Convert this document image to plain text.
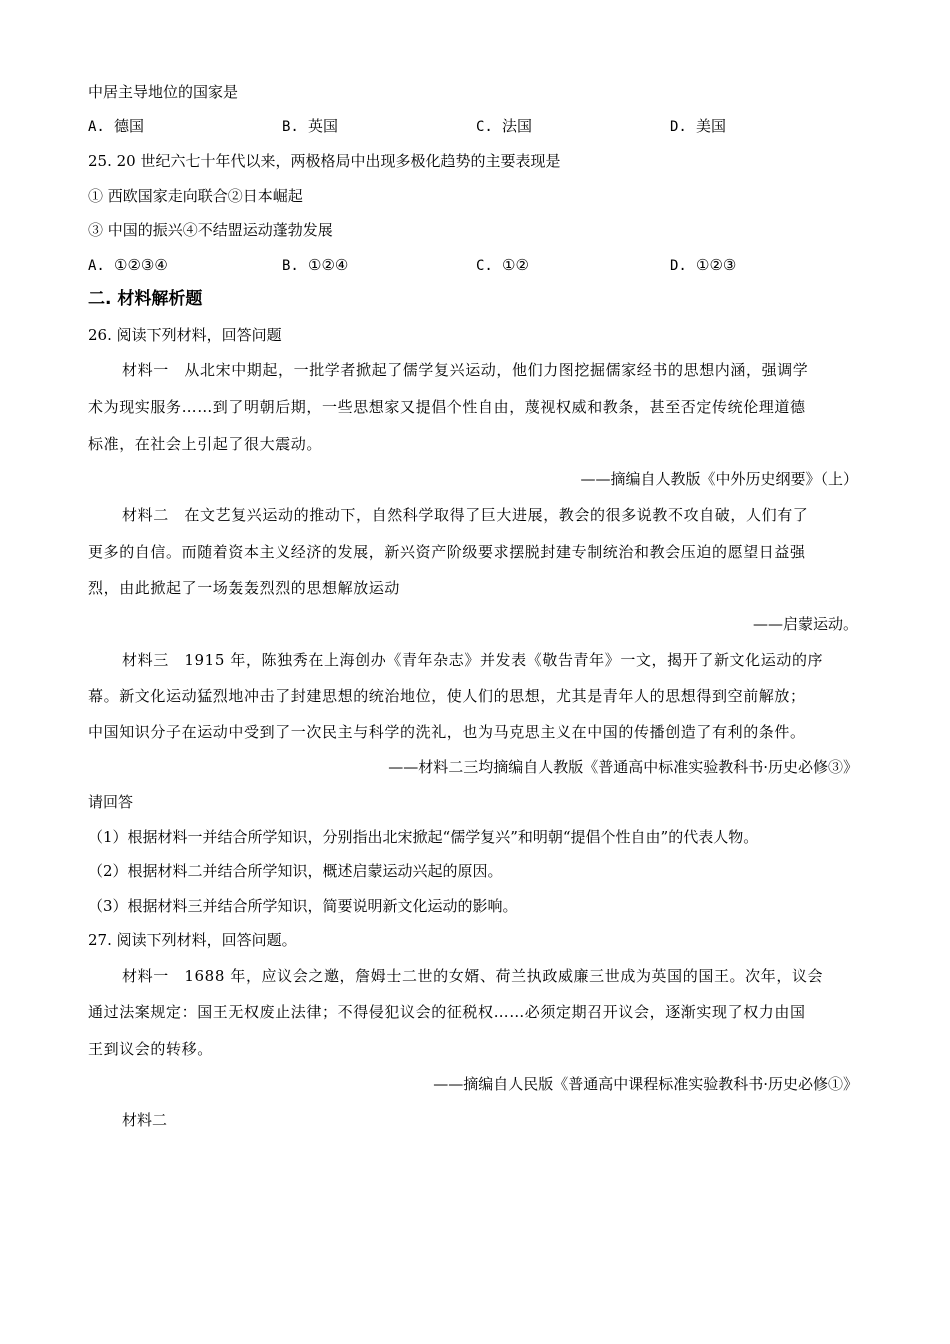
中居主导地位的国家是
A. 德国	B. 英国	C. 法国	D. 美国
25. 20 世纪六七十年代以来，两极格局中出现多极化趋势的主要表现是
① 西欧国家走向联合②日本崛起
③ 中国的振兴④不结盟运动蓬勃发展
A. ①②③④	B. ①②④	C. ①②	D. ①②③
二. 材料解析题
26. 阅读下列材料，回答问题
材料一　从北宋中期起，一批学者掀起了儒学复兴运动，他们力图挖掘儒家经书的思想内涵，强调学
术为现实服务……到了明朝后期，一些思想家又提倡个性自由，蔑视权威和教条，甚至否定传统伦理道德
标准，在社会上引起了很大震动。
——摘编自人教版《中外历史纲要》（上）
材料二　在文艺复兴运动的推动下，自然科学取得了巨大进展，教会的很多说教不攻自破，人们有了
更多的自信。而随着资本主义经济的发展，新兴资产阶级要求摆脱封建专制统治和教会压迫的愿望日益强
烈，由此掀起了一场轰轰烈烈的思想解放运动
——启蒙运动。
材料三　1915 年，陈独秀在上海创办《青年杂志》并发表《敬告青年》一文，揭开了新文化运动的序
幕。新文化运动猛烈地冲击了封建思想的统治地位，使人们的思想，尤其是青年人的思想得到空前解放；
中国知识分子在运动中受到了一次民主与科学的洗礼，也为马克思主义在中国的传播创造了有利的条件。
——材料二三均摘编自人教版《普通高中标准实验教科书·历史必修③》
请回答
（1）根据材料一并结合所学知识，分别指出北宋掀起“儒学复兴”和明朝“提倡个性自由”的代表人物。
（2）根据材料二并结合所学知识，概述启蒙运动兴起的原因。
（3）根据材料三并结合所学知识，简要说明新文化运动的影响。
27. 阅读下列材料，回答问题。
材料一　1688 年，应议会之邀，詹姆士二世的女婿、荷兰执政威廉三世成为英国的国王。次年，议会
通过法案规定：国王无权废止法律；不得侵犯议会的征税权……必须定期召开议会，逐渐实现了权力由国
王到议会的转移。
——摘编自人民版《普通高中课程标准实验教科书·历史必修①》
材料二
